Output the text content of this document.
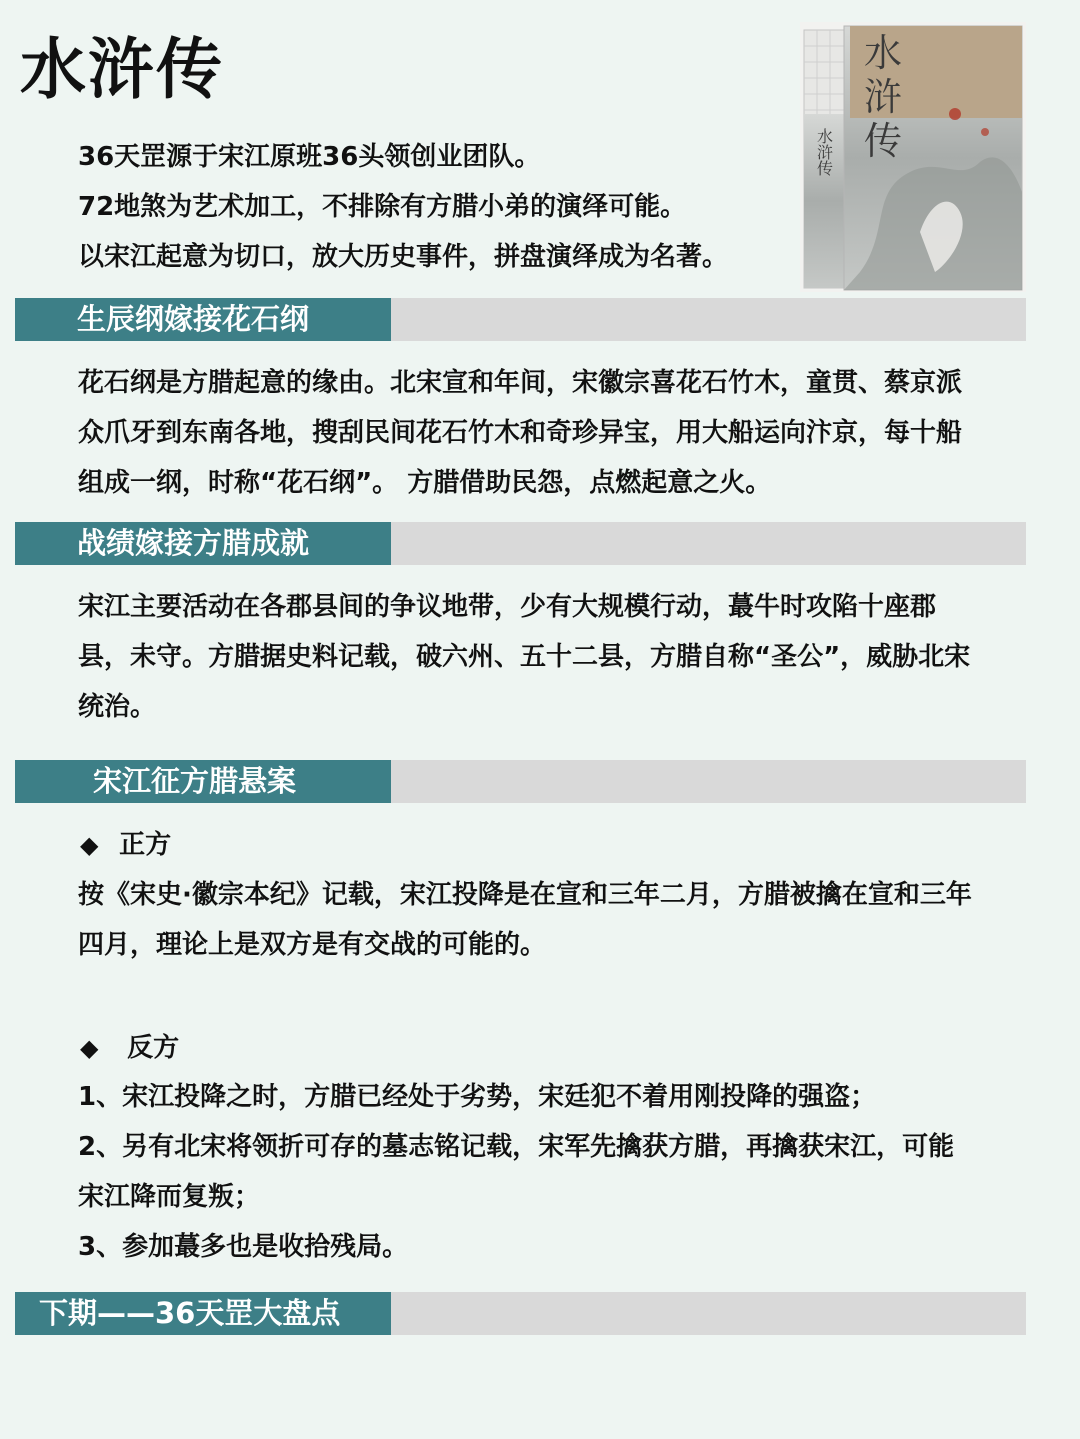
水浒传
36天罡源于宋江原班36头领创业团队。
72地煞为艺术加工，不排除有方腊小弟的演绎可能。
以宋江起意为切口，放大历史事件，拼盘演绎成为名著。
水
浒
传
水浒传
生辰纲嫁接花石纲
花石纲是方腊起意的缘由。北宋宣和年间，宋徽宗喜花石竹木，童贯、蔡京派众爪牙到东南各地，搜刮民间花石竹木和奇珍异宝，用大船运向汴京，每十船组成一纲，时称“花石纲”。 方腊借助民怨，点燃起意之火。
战绩嫁接方腊成就
宋江主要活动在各郡县间的争议地带，少有大规模行动，蕞牛时攻陷十座郡县，未守。方腊据史料记载，破六州、五十二县，方腊自称“圣公”，威胁北宋统治。
宋江征方腊悬案
◆ 正方
按《宋史·徽宗本纪》记载，宋江投降是在宣和三年二月，方腊被擒在宣和三年四月，理论上是双方是有交战的可能的。
◆ 反方
1、宋江投降之时，方腊已经处于劣势，宋廷犯不着用刚投降的强盗；
2、另有北宋将领折可存的墓志铭记载，宋军先擒获方腊，再擒获宋江，可能宋江降而复叛；
3、参加蕞多也是收拾残局。
下期——36天罡大盘点
